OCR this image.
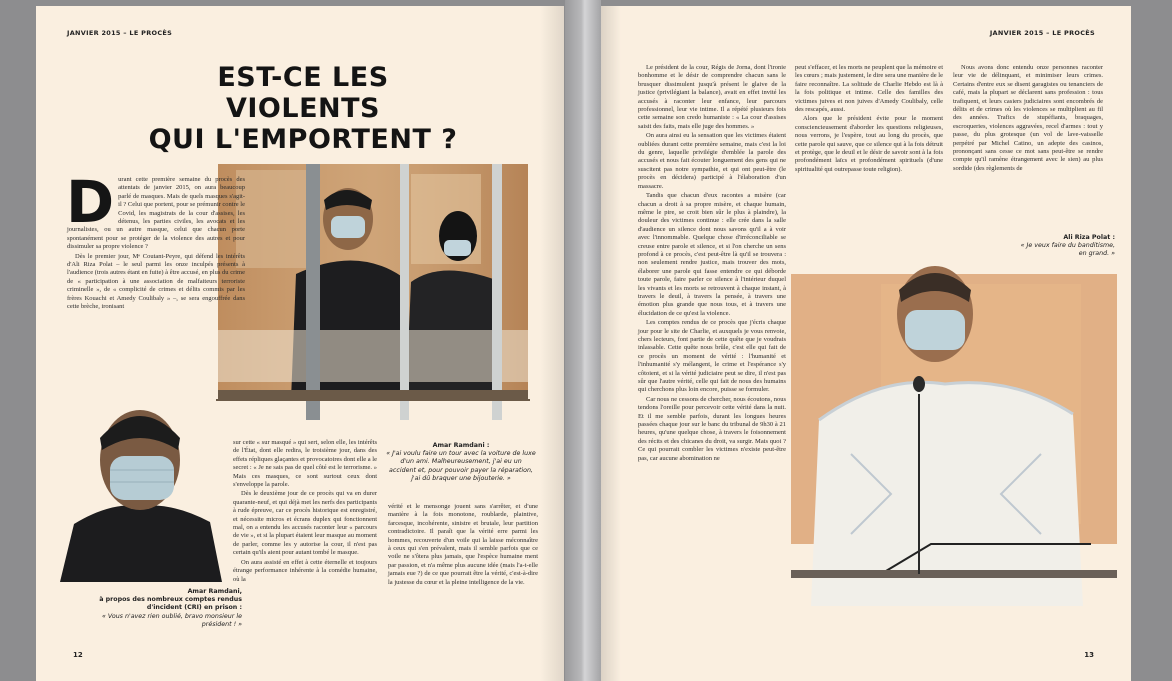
JANVIER 2015 – LE PROCÈS
EST-CE LES VIOLENTS
QUI L'EMPORTENT ?

D urant cette première semaine du procès des attentats de janvier 2015, on aura beaucoup parlé de masques. Mais de quels masques s'agit-il ? Celui que portent, pour se prémunir contre le Covid, les magistrats de la cour d'assises, les détenus, les parties civiles, les avocats et les journalistes, ou un autre masque, celui que chacun porte spontanément pour se protéger de la violence des autres et pour dissimuler sa propre violence ?

Dès le premier jour, Mᵉ Coutant-Peyre, qui défend les intérêts d'Ali Riza Polat – le seul parmi les onze inculpés présents à l'audience (trois autres étant en fuite) à être accusé, en plus du crime de « participation à une association de malfaiteurs terroriste criminelle », de « complicité de crimes et délits commis par les frères Kouachi et Amedy Coulibaly » –, se sera engouffrée dans cette brèche, ironisant

Amar Ramdani,
à propos des nombreux comptes rendus d'incident (CRI) en prison :
« Vous n'avez rien oublié, bravo monsieur le président ! »

sur cette « sur masqué » qui sert, selon elle, les intérêts de l'État, dont elle redira, le troisième jour, dans des effets répliques glaçantes et provocatoires dont elle a le secret : « Je ne sais pas de quel côté est le terrorisme. » Mais ces masques, ce sont surtout ceux dont s'enveloppe la parole.

Dès le deuxième jour de ce procès qui va en durer quarante-neuf, et qui déjà met les nerfs des participants à rude épreuve, car ce procès historique est enregistré, et nécessite micros et écrans duplex qui fonctionnent mal, on a entendu les accusés raconter leur « parcours de vie », et si la plupart étaient leur masque au moment de parler, comme les y autorise la cour, il n'est pas certain qu'ils aient pour autant tombé le masque.

On aura assisté en effet à cette éternelle et toujours étrange performance inhérente à la comédie humaine, où la

Amar Ramdani :
« J'ai voulu faire un tour avec la voiture de luxe d'un ami. Malheureusement, j'ai eu un accident et, pour pouvoir payer la réparation, j'ai dû braquer une bijouterie. »

vérité et le mensonge jouent sans s'arrêter, et d'une manière à la fois monotone, roublarde, plaintive, farcesque, incohérente, sinistre et brutale, leur partition contradictoire. Il paraît que la vérité erre parmi les hommes, recouverte d'un voile qui la laisse méconnaître à ceux qui s'en prévalent, mais il semble parfois que ce voile ne s'ôtera plus jamais, que l'espèce humaine ment par passion, et n'a même plus aucune idée (mais l'a-t-elle jamais eue ?) de ce que pourrait être la vérité, c'est-à-dire la justesse du cœur et la pleine intelligence de la vie.

12
JANVIER 2015 – LE PROCÈS

Le président de la cour, Régis de Jorna, dont l'ironie bonhomme et le désir de comprendre chacun sans le brusquer dissimulent jusqu'à présent le glaive de la justice (privilégiant la balance), avait en effet invité les accusés à raconter leur enfance, leur parcours professionnel, leur vie intime. Il a répété plusieurs fois cette semaine son credo humaniste : « La cour d'assises saisit des faits, mais elle juge des hommes. »

On aura ainsi eu la sensation que les victimes étaient oubliées durant cette première semaine, mais c'est la loi du genre, laquelle privilégie d'emblée la parole des accusés et nous fait écouter longuement des gens qui ne suscitent pas notre sympathie, et qui ont peut-être (le procès en décidera) participé à l'élaboration d'un massacre.

Tandis que chacun d'eux racontes a misère (car chacun a droit à sa propre misère, et chaque humain, même le pire, se croit bien sûr le plus à plaindre), la douleur des victimes continue : elle crée dans la salle d'audience un silence dont nous savons qu'il a à voir avec l'innommable. Quelque chose d'irréconciliable se creuse entre parole et silence, et si l'on cherche un sens profond à ce procès, c'est peut-être là qu'il se trouvera : non seulement rendre justice, mais trouver des mots, élaborer une parole qui fasse entendre ce qui déborde toute parole, faire parler ce silence à l'intérieur duquel les vivants et les morts se retrouvent à chaque instant, à travers le deuil, à travers la pensée, à travers une émotion plus grande que nous tous, et à travers une élucidation de ce qu'est la violence.

Les comptes rendus de ce procès que j'écris chaque jour pour le site de Charlie, et auxquels je vous renvoie, chers lecteurs, font partie de cette quête que je voudrais inlassable. Cette quête nous brûle, c'est elle qui fait de ce procès un moment de vérité : l'humanité et l'inhumanité s'y mélangent, le crime et l'espérance s'y côtoient, et si la vérité judiciaire peut se dire, il n'est pas sûr que l'autre vérité, celle qui fait de nous des humains qui cherchons plus loin encore, puisse se formuler.

Car nous ne cessons de chercher, nous écoutons, nous tendons l'oreille pour percevoir cette vérité dans la nuit. Et il me semble parfois, durant les longues heures passées chaque jour sur le banc du tribunal de 9h30 à 21 heures, qu'une quelque chose, à travers le foisonnement des récits et des chicanes du droit, va surgir. Mais quoi ? Ce qui pourrait combler les victimes n'existe peut-être pas, car aucune abomination ne

peut s'effacer, et les morts ne peuplent que la mémoire et les cœurs ; mais justement, le dire sera une manière de le faire reconnaître. La solitude de Charlie Hebdo est là à la fois politique et intime. Celle des familles des victimes juives et non juives d'Amedy Coulibaly, celle des rescapés, aussi.

Alors que le président évite pour le moment consciencieusement d'aborder les questions religieuses, nous verrons, je l'espère, tout au long du procès, que cette parole qui sauve, que ce silence qui à la fois détruit et protège, que le deuil et le désir de savoir sont à la fois profondément laïcs et profondément spirituels (d'une spiritualité qui outrepasse toute religion).

Nous avons donc entendu onze personnes raconter leur vie de délinquant, et minimiser leurs crimes. Certains d'entre eux se disent garagistes ou tenanciers de café, mais la plupart se déclarent sans profession : tous trafiquent, et leurs casiers judiciaires sont encombrés de délits et de crimes où les violences se multiplient au fil des années. Trafics de stupéfiants, braquages, escroqueries, violences aggravées, recel d'armes : tout y passe, du plus grotesque (un vol de lave-vaisselle perpétré par Michel Catino, un adepte des casinos, prononçant sans cesse ce mot sans peut-être se rendre compte qu'il ramène étrangement avec le sien) au plus sordide (des règlements de

Ali Riza Polat :
« Je veux faire du banditisme, en grand. »
13
